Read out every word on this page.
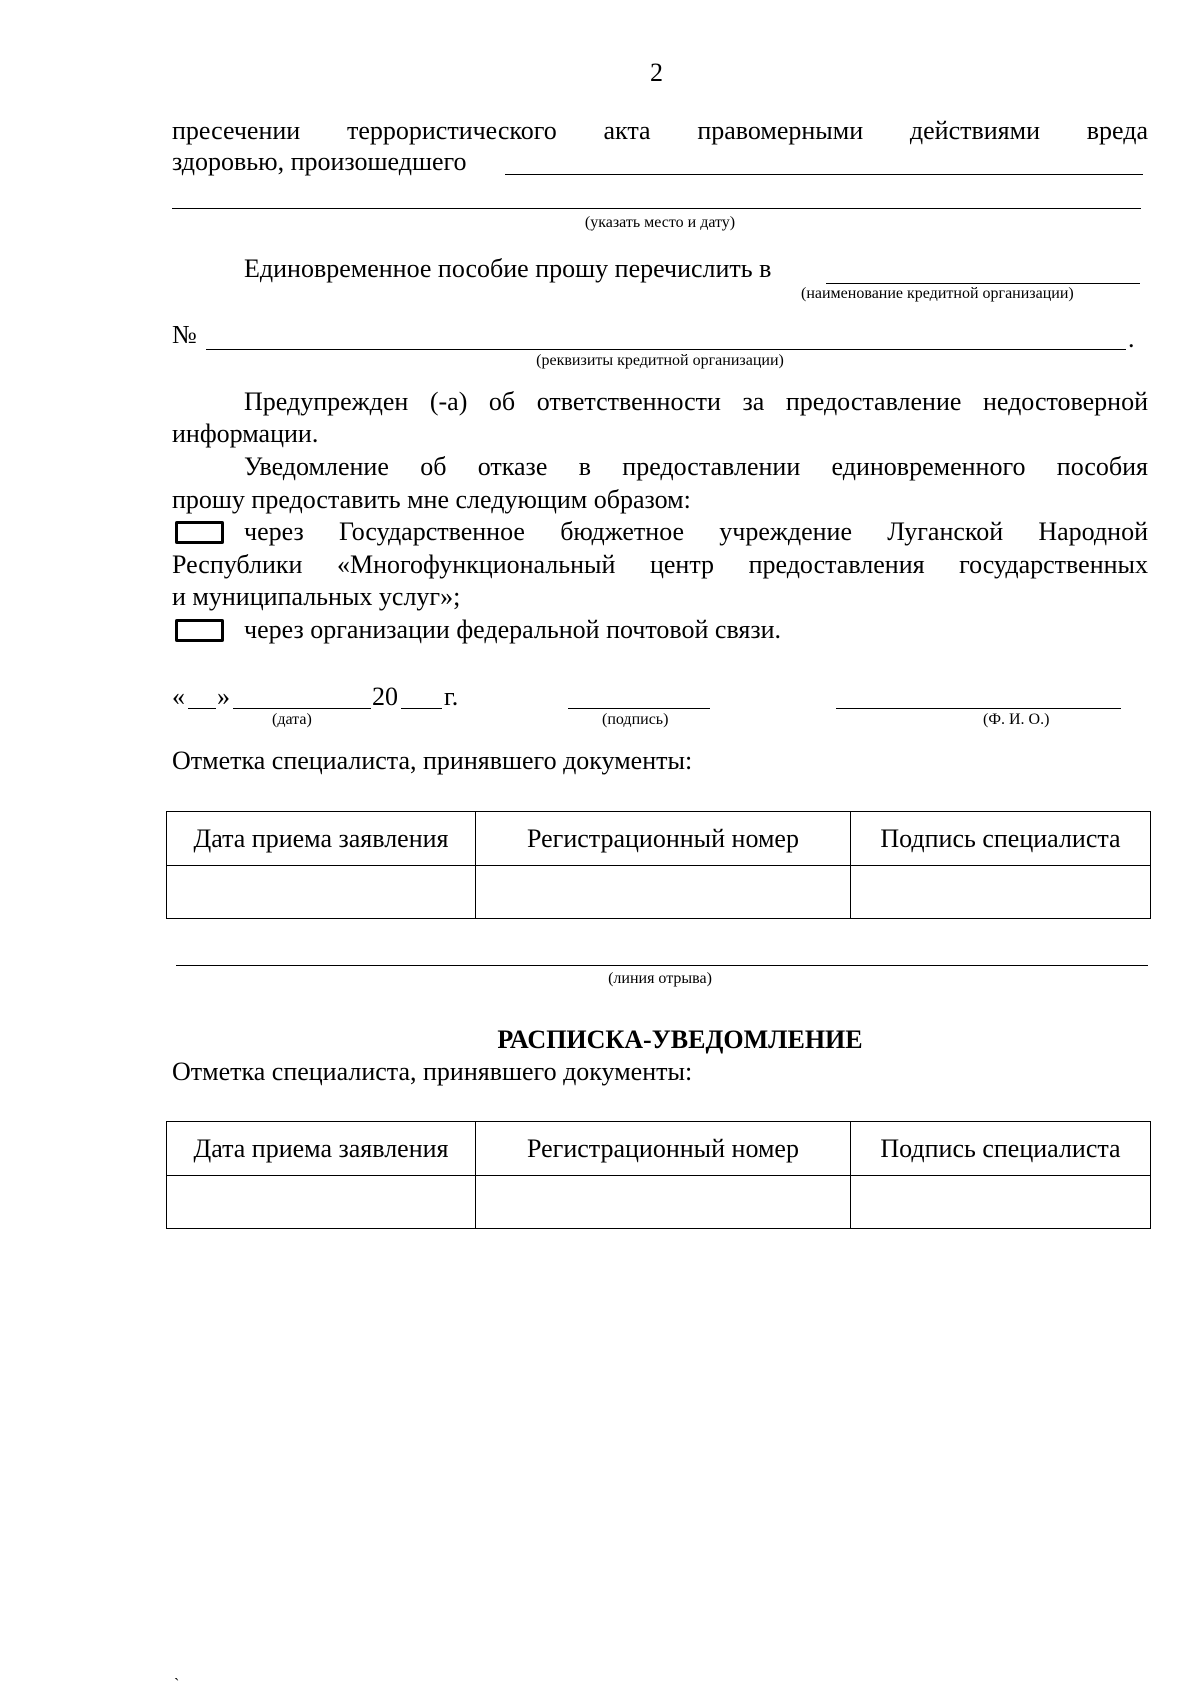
2
пресечении террористического акта правомерными действиями вреда
здоровью, произошедшего
(указать место и дату)
Единовременное пособие прошу перечислить в
(наименование кредитной организации)
№	.
(реквизиты кредитной организации)
Предупрежден (-а) об ответственности за предоставление недостоверной
информации.
Уведомление об отказе в предоставлении единовременного пособия
прошу предоставить мне следующим образом:
через Государственное бюджетное учреждение Луганской Народной
Республики «Многофункциональный центр предоставления государственных
и муниципальных услуг»;
через организации федеральной почтовой связи.
« »	20 г.
(дата)	(подпись)	(Ф. И. О.)
Отметка специалиста, принявшего документы:
Дата приема заявления	Регистрационный номер	Подпись специалиста

(линия отрыва)
РАСПИСКА-УВЕДОМЛЕНИЕ
Отметка специалиста, принявшего документы:
Дата приема заявления	Регистрационный номер	Подпись специалиста

`
